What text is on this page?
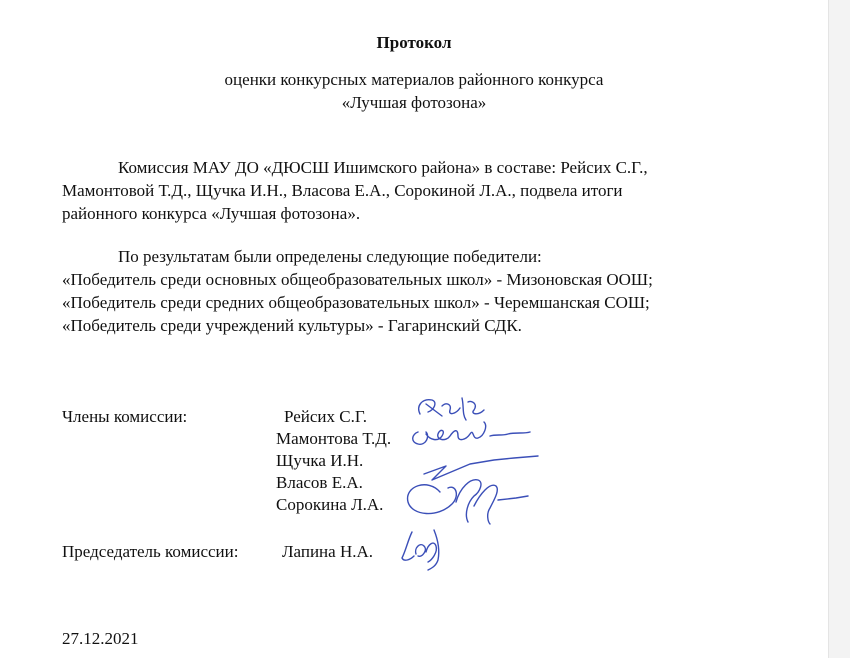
Протокол
оценки конкурсных материалов районного конкурса
«Лучшая фотозона»
Комиссия МАУ ДО «ДЮСШ Ишимского района» в составе: Рейсих С.Г.,
Мамонтовой Т.Д., Щучка И.Н., Власова Е.А., Сорокиной Л.А., подвела итоги
районного конкурса «Лучшая фотозона».
По результатам были определены следующие победители:
«Победитель среди основных общеобразовательных школ» - Мизоновская ООШ;
«Победитель среди средних общеобразовательных школ» - Черемшанская СОШ;
«Победитель среди учреждений культуры» - Гагаринский СДК.
Члены комиссии:	Рейсих С.Г.
Мамонтова Т.Д.
Щучка И.Н.
Власов Е.А.
Сорокина Л.А.
Председатель комиссии:	Лапина Н.А.
27.12.2021
